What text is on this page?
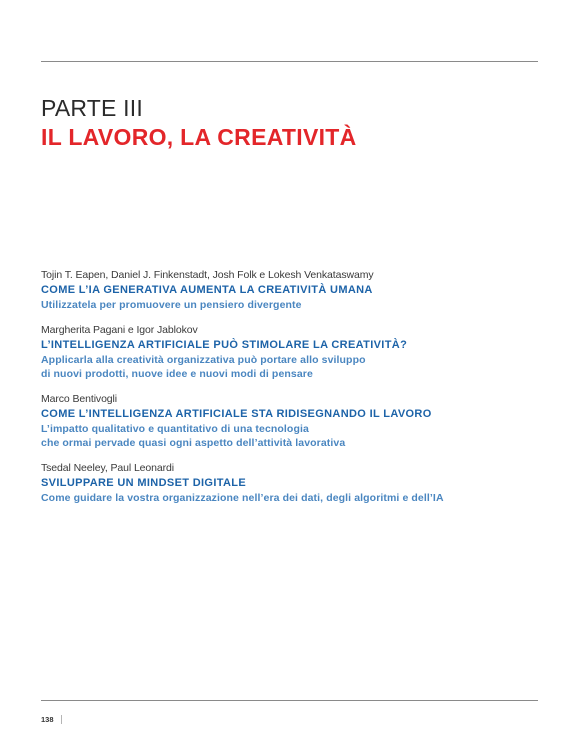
PARTE III
IL LAVORO, LA CREATIVITÀ
Tojin T. Eapen, Daniel J. Finkenstadt, Josh Folk e Lokesh Venkataswamy
COME L’IA GENERATIVA AUMENTA LA CREATIVITÀ UMANA
Utilizzatela per promuovere un pensiero divergente
Margherita Pagani e Igor Jablokov
L’INTELLIGENZA ARTIFICIALE PUÒ STIMOLARE LA CREATIVITÀ?
Applicarla alla creatività organizzativa può portare allo sviluppo
di nuovi prodotti, nuove idee e nuovi modi di pensare
Marco Bentivogli
COME L’INTELLIGENZA ARTIFICIALE STA RIDISEGNANDO IL LAVORO
L’impatto qualitativo e quantitativo di una tecnologia
che ormai pervade quasi ogni aspetto dell’attività lavorativa
Tsedal Neeley, Paul Leonardi
SVILUPPARE UN MINDSET DIGITALE
Come guidare la vostra organizzazione nell’era dei dati, degli algoritmi e dell’IA
138
